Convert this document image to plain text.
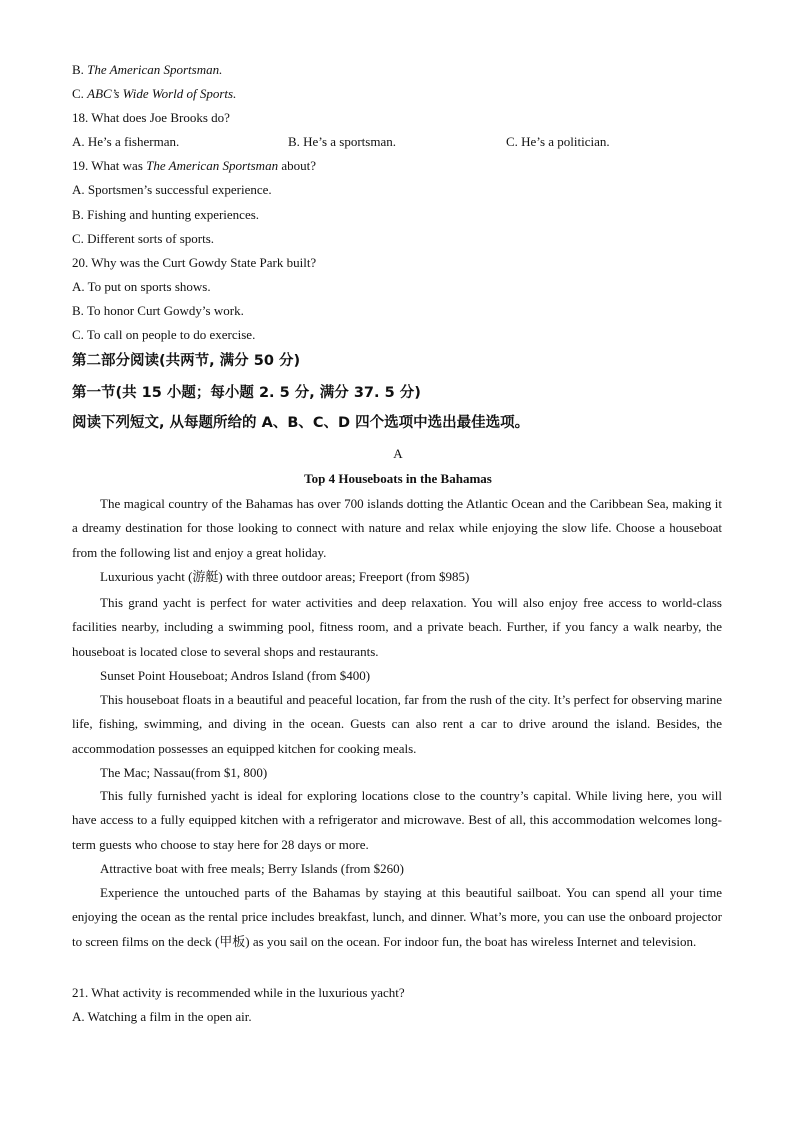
B. The American Sportsman.
C. ABC’s Wide World of Sports.
18. What does Joe Brooks do?
A. He’s a fisherman.	B. He’s a sportsman.	C. He’s a politician.
19. What was The American Sportsman about?
A. Sportsmen’s successful experience.
B. Fishing and hunting experiences.
C. Different sorts of sports.
20. Why was the Curt Gowdy State Park built?
A. To put on sports shows.
B. To honor Curt Gowdy’s work.
C. To call on people to do exercise.
第二部分阅读(共两节, 满分 50 分)
第一节(共 15 小题；每小题 2. 5 分, 满分 37. 5 分)
阅读下列短文, 从每题所给的 A、B、C、D 四个选项中选出最佳选项。
A
Top 4 Houseboats in the Bahamas
The magical country of the Bahamas has over 700 islands dotting the Atlantic Ocean and the Caribbean Sea, making it a dreamy destination for those looking to connect with nature and relax while enjoying the slow life. Choose a houseboat from the following list and enjoy a great holiday.
Luxurious yacht (游艇) with three outdoor areas; Freeport (from $985)
This grand yacht is perfect for water activities and deep relaxation. You will also enjoy free access to world-class facilities nearby, including a swimming pool, fitness room, and a private beach. Further, if you fancy a walk nearby, the houseboat is located close to several shops and restaurants.
Sunset Point Houseboat; Andros Island (from $400)
This houseboat floats in a beautiful and peaceful location, far from the rush of the city. It’s perfect for observing marine life, fishing, swimming, and diving in the ocean. Guests can also rent a car to drive around the island. Besides, the accommodation possesses an equipped kitchen for cooking meals.
The Mac; Nassau(from $1, 800)
This fully furnished yacht is ideal for exploring locations close to the country’s capital. While living here, you will have access to a fully equipped kitchen with a refrigerator and microwave. Best of all, this accommodation welcomes long-term guests who choose to stay here for 28 days or more.
Attractive boat with free meals; Berry Islands (from $260)
Experience the untouched parts of the Bahamas by staying at this beautiful sailboat. You can spend all your time enjoying the ocean as the rental price includes breakfast, lunch, and dinner. What’s more, you can use the onboard projector to screen films on the deck (甲板) as you sail on the ocean. For indoor fun, the boat has wireless Internet and television.
21. What activity is recommended while in the luxurious yacht?
A. Watching a film in the open air.
